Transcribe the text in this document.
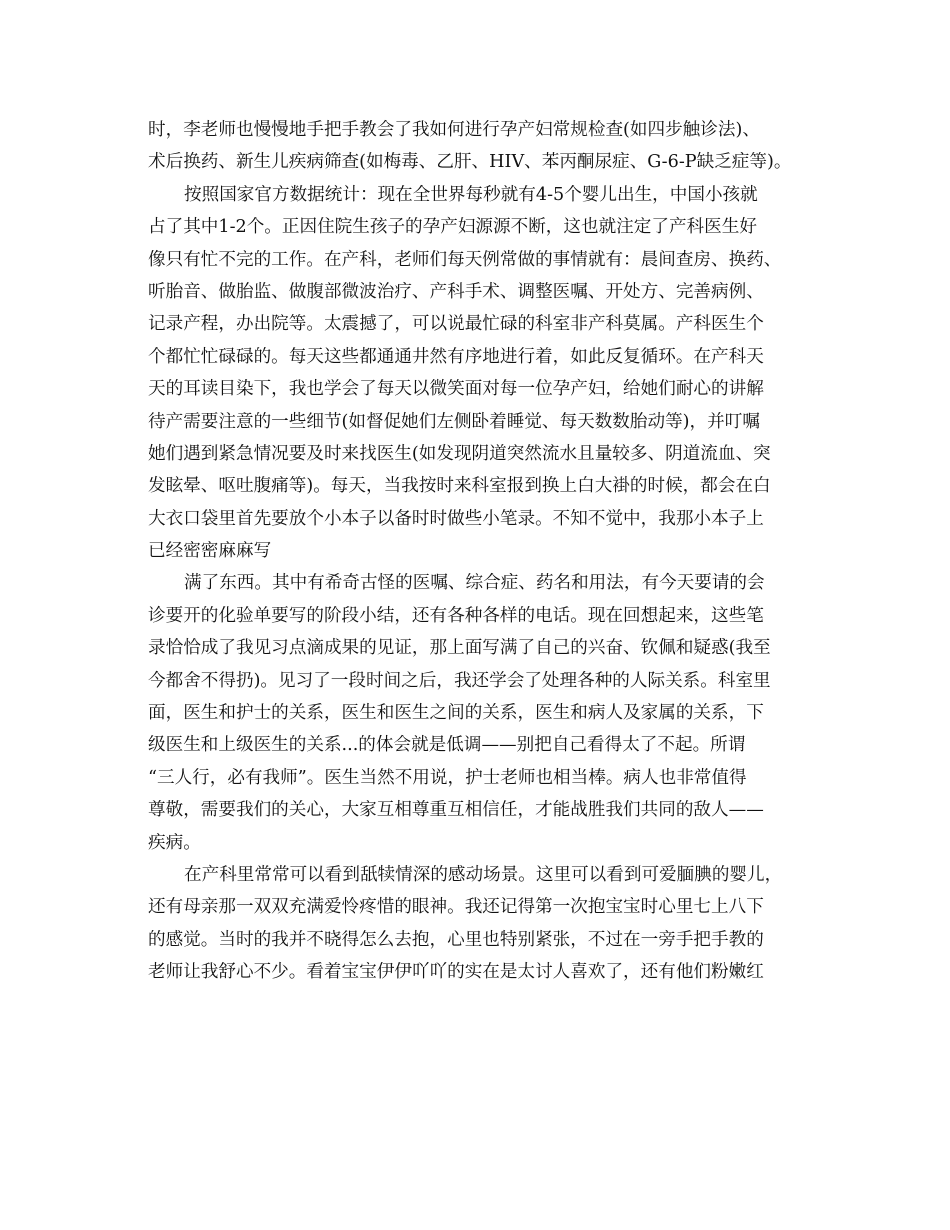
时，李老师也慢慢地手把手教会了我如何进行孕产妇常规检查(如四步触诊法)、
术后换药、新生儿疾病筛查(如梅毒、乙肝、HIV、苯丙酮尿症、G-6-P缺乏症等)。
按照国家官方数据统计：现在全世界每秒就有4-5个婴儿出生，中国小孩就
占了其中1-2个。正因住院生孩子的孕产妇源源不断，这也就注定了产科医生好
像只有忙不完的工作。在产科，老师们每天例常做的事情就有：晨间查房、换药、
听胎音、做胎监、做腹部微波治疗、产科手术、调整医嘱、开处方、完善病例、
记录产程，办出院等。太震撼了，可以说最忙碌的科室非产科莫属。产科医生个
个都忙忙碌碌的。每天这些都通通井然有序地进行着，如此反复循环。在产科天
天的耳读目染下，我也学会了每天以微笑面对每一位孕产妇，给她们耐心的讲解
待产需要注意的一些细节(如督促她们左侧卧着睡觉、每天数数胎动等)，并叮嘱
她们遇到紧急情况要及时来找医生(如发现阴道突然流水且量较多、阴道流血、突
发眩晕、呕吐腹痛等)。每天，当我按时来科室报到换上白大褂的时候，都会在白
大衣口袋里首先要放个小本子以备时时做些小笔录。不知不觉中，我那小本子上
已经密密麻麻写
满了东西。其中有希奇古怪的医嘱、综合症、药名和用法，有今天要请的会
诊要开的化验单要写的阶段小结，还有各种各样的电话。现在回想起来，这些笔
录恰恰成了我见习点滴成果的见证，那上面写满了自己的兴奋、钦佩和疑惑(我至
今都舍不得扔)。见习了一段时间之后，我还学会了处理各种的人际关系。科室里
面，医生和护士的关系，医生和医生之间的关系，医生和病人及家属的关系，下
级医生和上级医生的关系...的体会就是低调——别把自己看得太了不起。所谓
“三人行，必有我师”。医生当然不用说，护士老师也相当棒。病人也非常值得
尊敬，需要我们的关心，大家互相尊重互相信任，才能战胜我们共同的敌人——
疾病。
在产科里常常可以看到舐犊情深的感动场景。这里可以看到可爱腼腆的婴儿，
还有母亲那一双双充满爱怜疼惜的眼神。我还记得第一次抱宝宝时心里七上八下
的感觉。当时的我并不晓得怎么去抱，心里也特别紧张，不过在一旁手把手教的
老师让我舒心不少。看着宝宝伊伊吖吖的实在是太讨人喜欢了，还有他们粉嫩红
